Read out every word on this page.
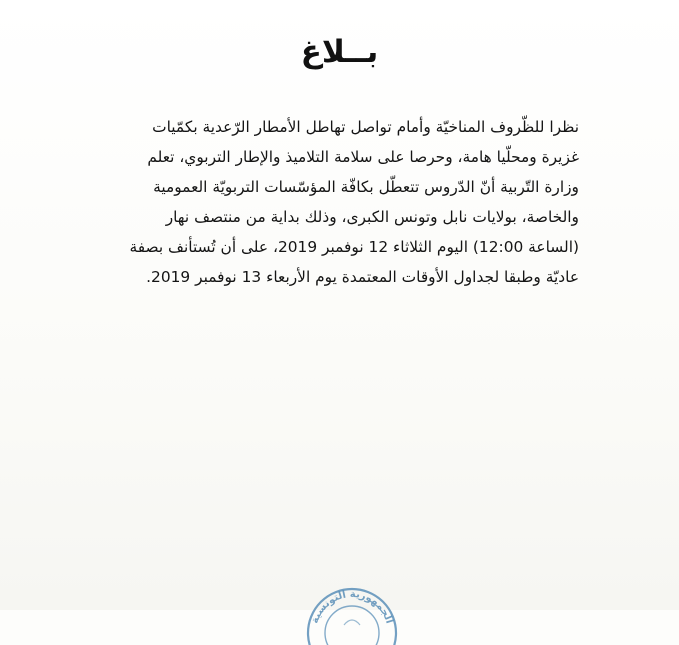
بــلاغ

نظرا للظّروف المناخيّة وأمام تواصل تهاطل الأمطار الرّعدية بكمّيات
غزيرة ومحلّيا هامة، وحرصا على سلامة التلاميذ والإطار التربوي، تعلم
وزارة التّربية أنّ الدّروس تتعطّل بكافّة المؤسّسات التربويّة العمومية
والخاصة، بولايات نابل وتونس الكبرى، وذلك بداية من منتصف نهار
(الساعة 12:00) اليوم الثلاثاء 12 نوفمبر 2019، على أن تُستأنف بصفة
عاديّة وطبقا لجداول الأوقات المعتمدة يوم الأربعاء 13 نوفمبر 2019.

الجمهورية التونسية
